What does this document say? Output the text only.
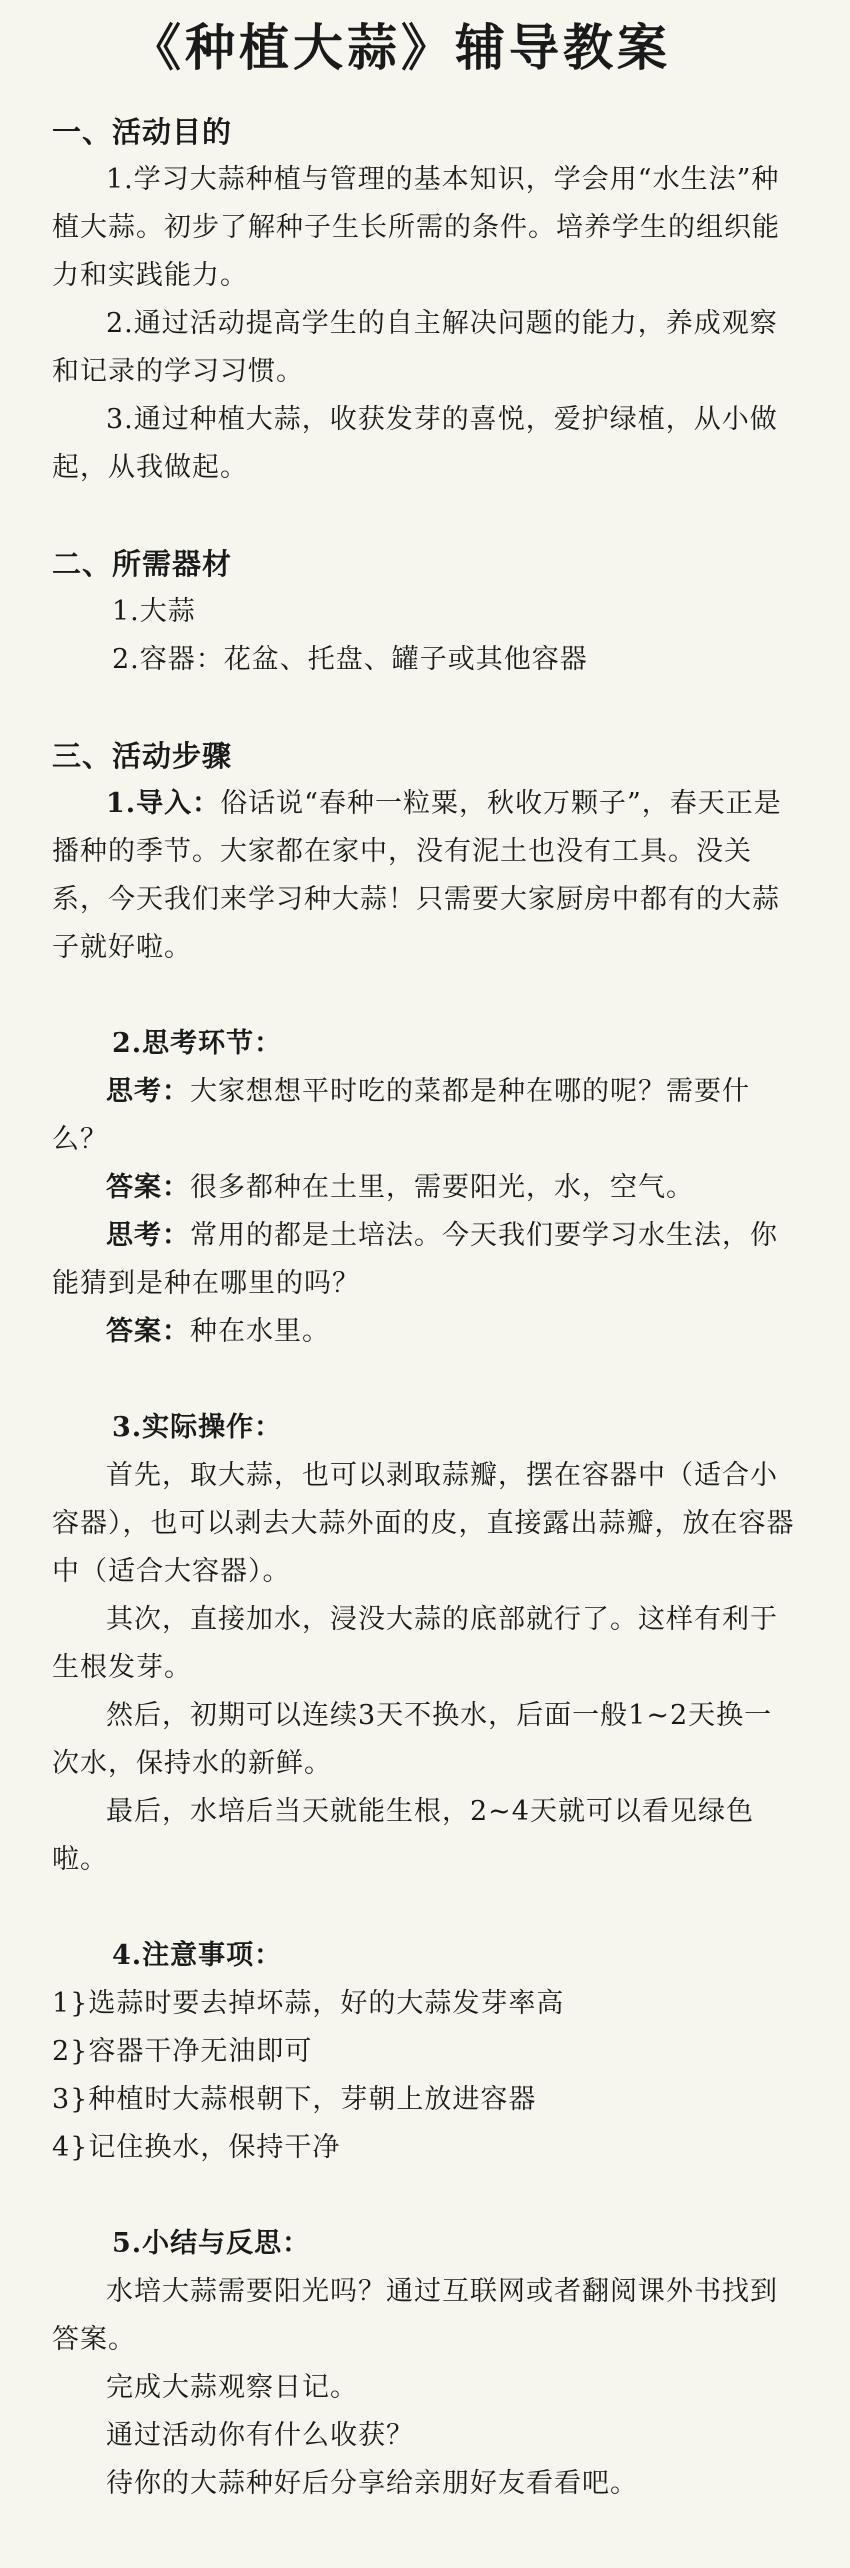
《种植大蒜》辅导教案
一、活动目的

1.学习大蒜种植与管理的基本知识，学会用“水生法”种植大蒜。初步了解种子生长所需的条件。培养学生的组织能力和实践能力。

2.通过活动提高学生的自主解决问题的能力，养成观察和记录的学习习惯。

3.通过种植大蒜，收获发芽的喜悦，爱护绿植，从小做起，从我做起。

二、所需器材

1.大蒜

2.容器：花盆、托盘、罐子或其他容器

三、活动步骤

1.导入：俗话说“春种一粒粟，秋收万颗子”，春天正是播种的季节。大家都在家中，没有泥土也没有工具。没关系，今天我们来学习种大蒜！只需要大家厨房中都有的大蒜子就好啦。

2.思考环节：

思考：大家想想平时吃的菜都是种在哪的呢？需要什么？

答案：很多都种在土里，需要阳光，水，空气。

思考：常用的都是土培法。今天我们要学习水生法，你能猜到是种在哪里的吗？

答案：种在水里。

3.实际操作：

首先，取大蒜，也可以剥取蒜瓣，摆在容器中（适合小容器），也可以剥去大蒜外面的皮，直接露出蒜瓣，放在容器中（适合大容器）。

其次，直接加水，浸没大蒜的底部就行了。这样有利于生根发芽。

然后，初期可以连续3天不换水，后面一般1~2天换一次水，保持水的新鲜。

最后，水培后当天就能生根，2~4天就可以看见绿色啦。

4.注意事项：

1}选蒜时要去掉坏蒜，好的大蒜发芽率高

2}容器干净无油即可

3}种植时大蒜根朝下，芽朝上放进容器

4}记住换水，保持干净

5.小结与反思：

水培大蒜需要阳光吗？通过互联网或者翻阅课外书找到答案。

完成大蒜观察日记。

通过活动你有什么收获？

待你的大蒜种好后分享给亲朋好友看看吧。
